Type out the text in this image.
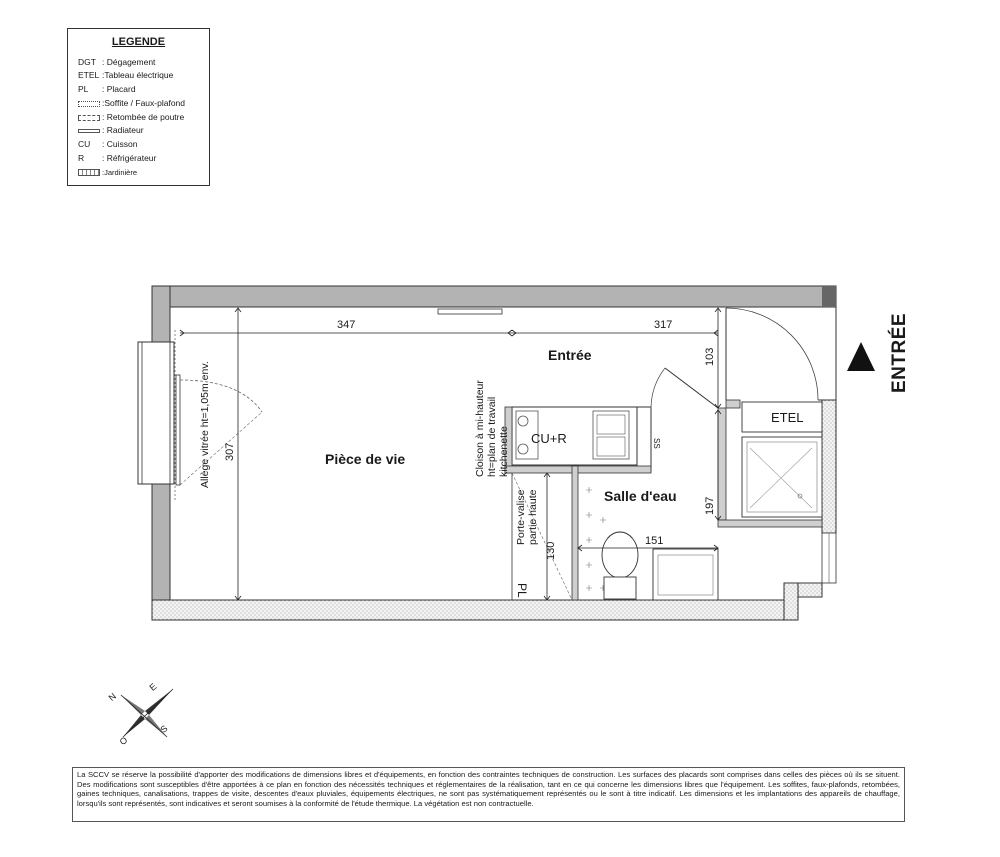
LEGENDE
DGT : Dégagement
ETEL :Tableau électrique
PL : Placard
:Soffite / Faux-plafond
: Retombée de poutre
: Radiateur
CU : Cuisson
R : Réfrigérateur
:Jardinière
Pièce de vie
Entrée
Salle d'eau
347	317
103
307
197
151
130
Allège vitrée ht=1,05m env.	Cloison à mi-hauteur ht=plan de travail kitchenette
Porte-valise partie haute
CU+R
ETEL
PL
SS
ENTRÉE
N
E
S
O
La SCCV se réserve la possibilité d'apporter des modifications de dimensions libres et d'équipements, en fonction des contraintes techniques de construction. Les surfaces des placards sont comprises dans celles des pièces où ils se situent. Des modifications sont susceptibles d'être apportées à ce plan en fonction des nécessités techniques et réglementaires de la réalisation, tant en ce qui concerne les dimensions libres que l'équipement. Les soffites, faux-plafonds, retombées, gaines techniques, canalisations, trappes de visite, descentes d'eaux pluviales, équipements électriques, ne sont pas systématiquement représentés ou le sont à titre indicatif. Les dimensions et les implantations des appareils de chauffage, lorsqu'ils sont représentés, sont indicatives et seront soumises à la conformité de l'étude thermique. La végétation est non contractuelle.
